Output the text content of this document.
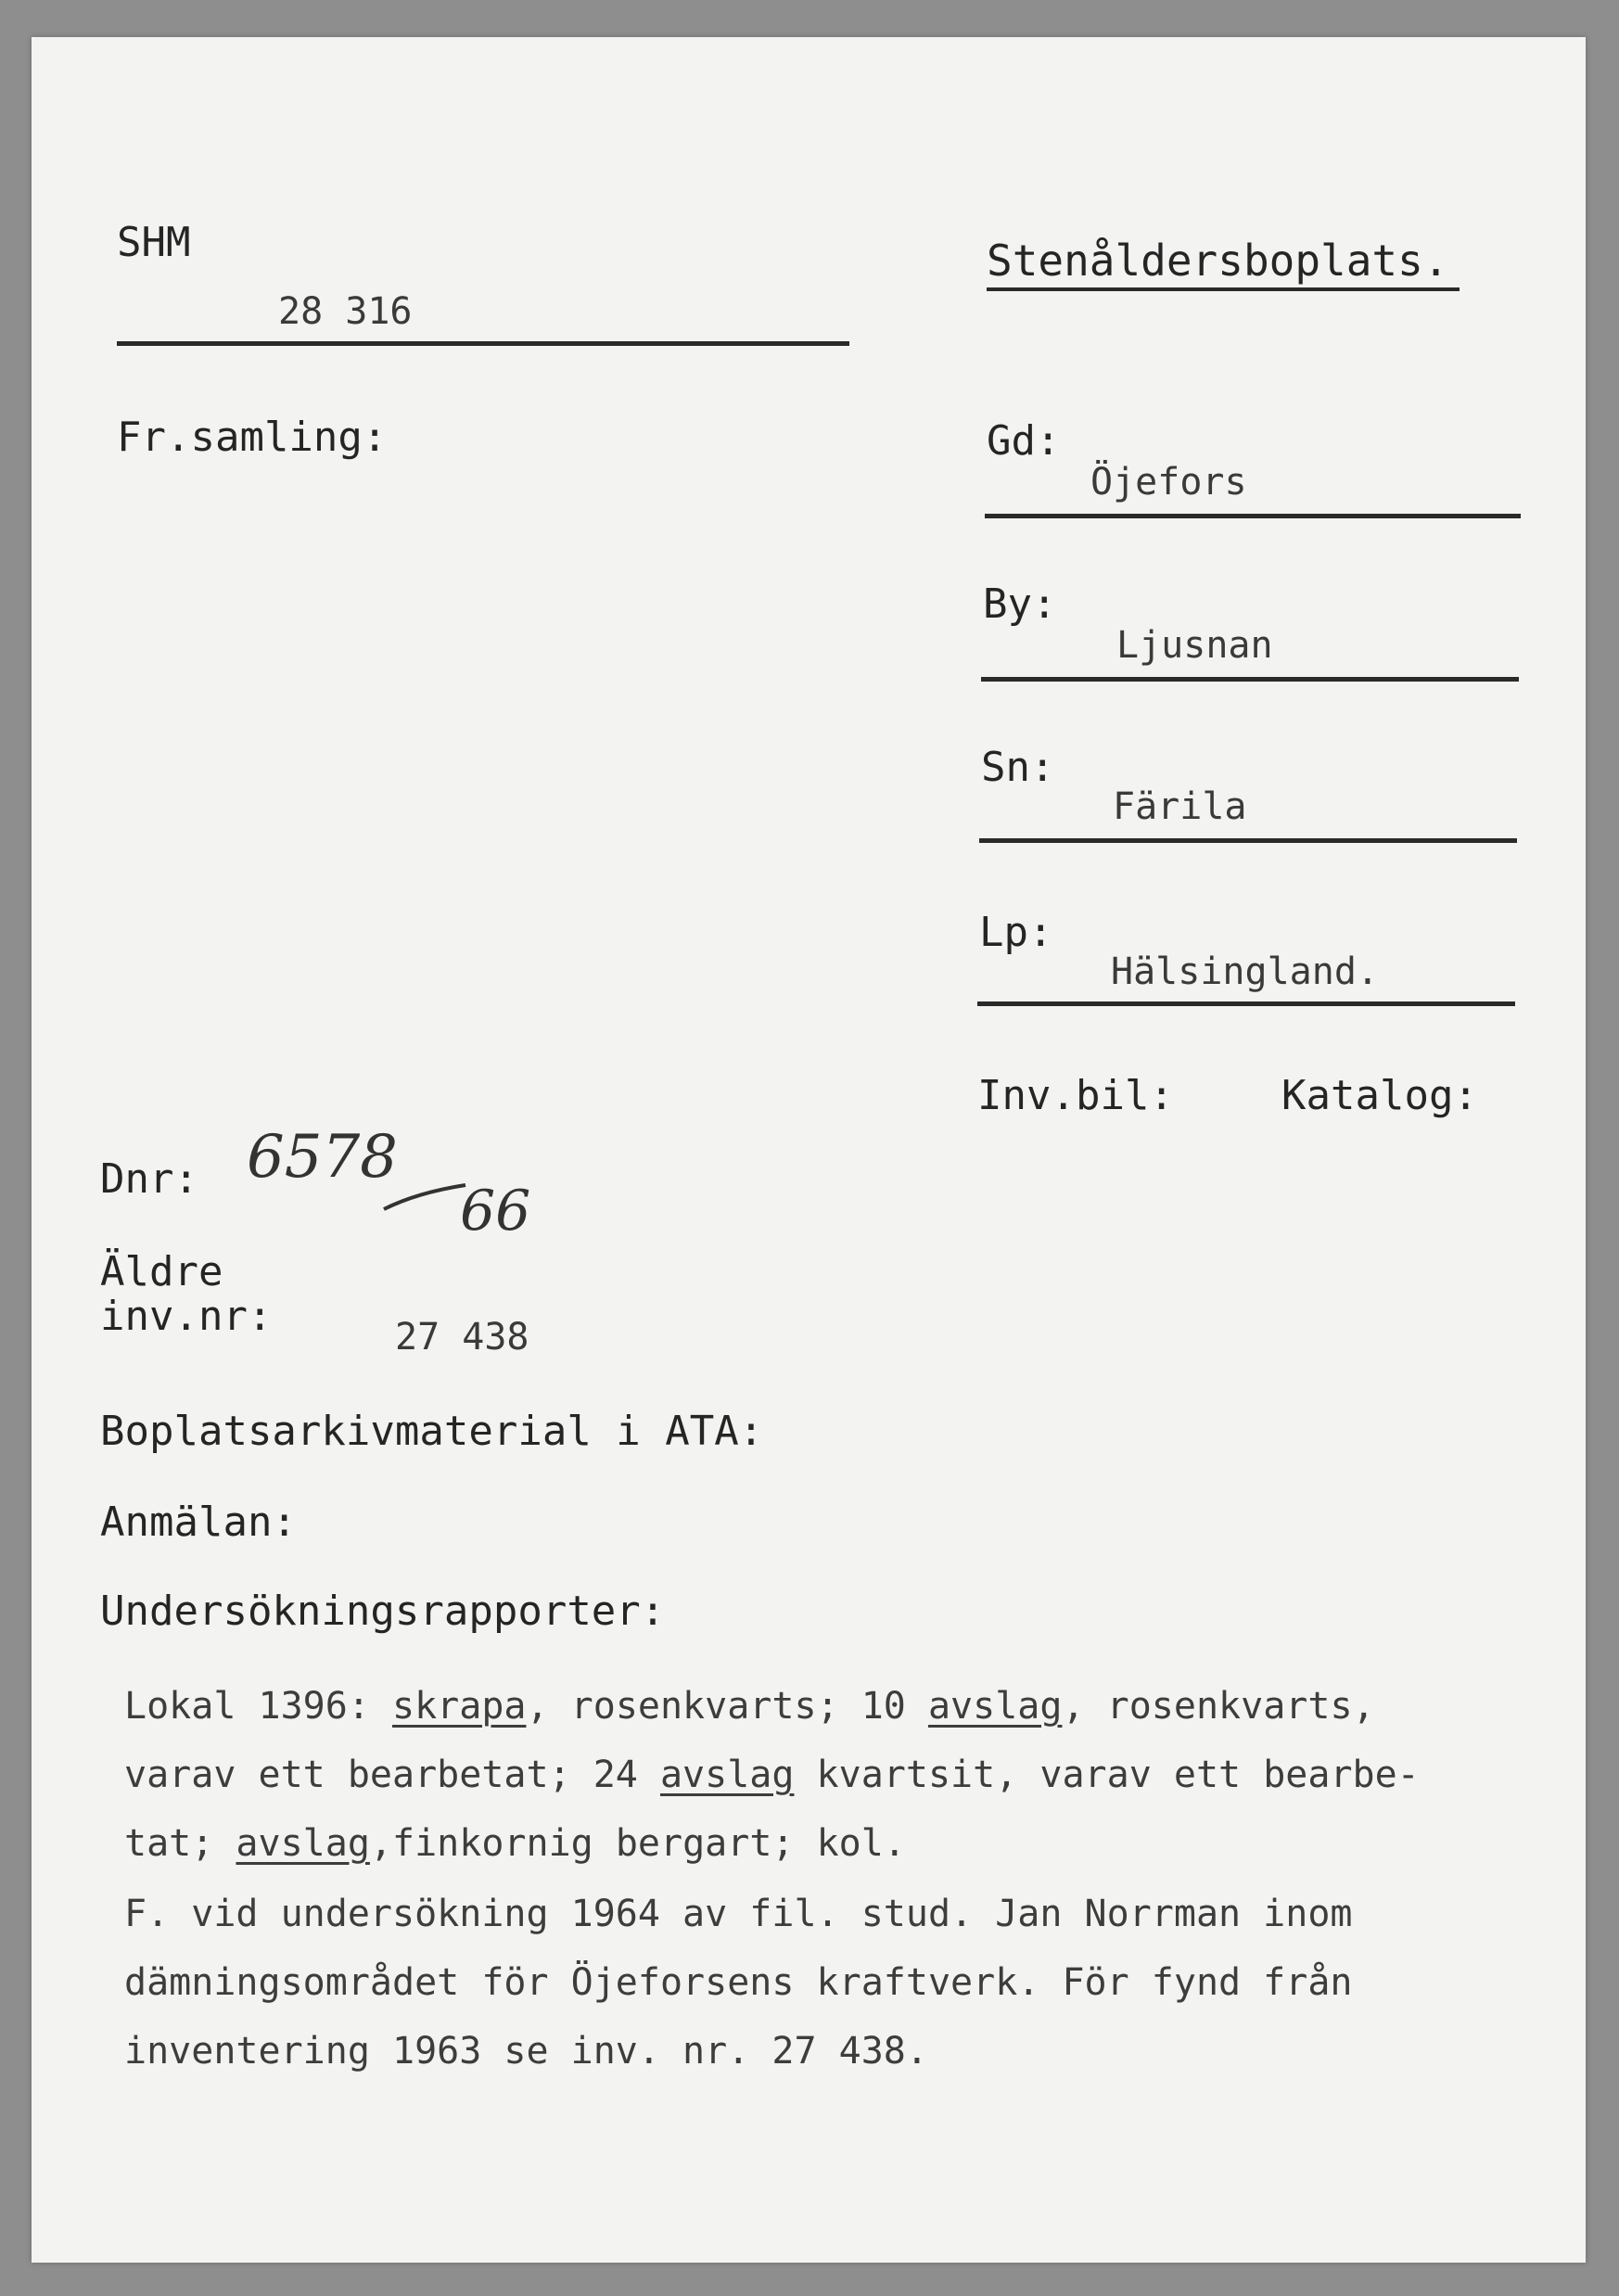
SHM
28 316
Stenåldersboplats.
Fr.samling:	Gd:
Öjefors
By:
Ljusnan
Sn:
Färila
Lp:
Hälsingland.
Inv.bil:	Katalog:
Dnr: 6578
66
Äldre
inv.nr:	27 438
Boplatsarkivmaterial i ATA:
Anmälan:
Undersökningsrapporter:
Lokal 1396: skrapa, rosenkvarts; 10 avslag, rosenkvarts,
varav ett bearbetat; 24 avslag kvartsit, varav ett bearbe-
tat; avslag,finkornig bergart; kol.
F. vid undersökning 1964 av fil. stud. Jan Norrman inom
dämningsområdet för Öjeforsens kraftverk. För fynd från
inventering 1963 se inv. nr. 27 438.
